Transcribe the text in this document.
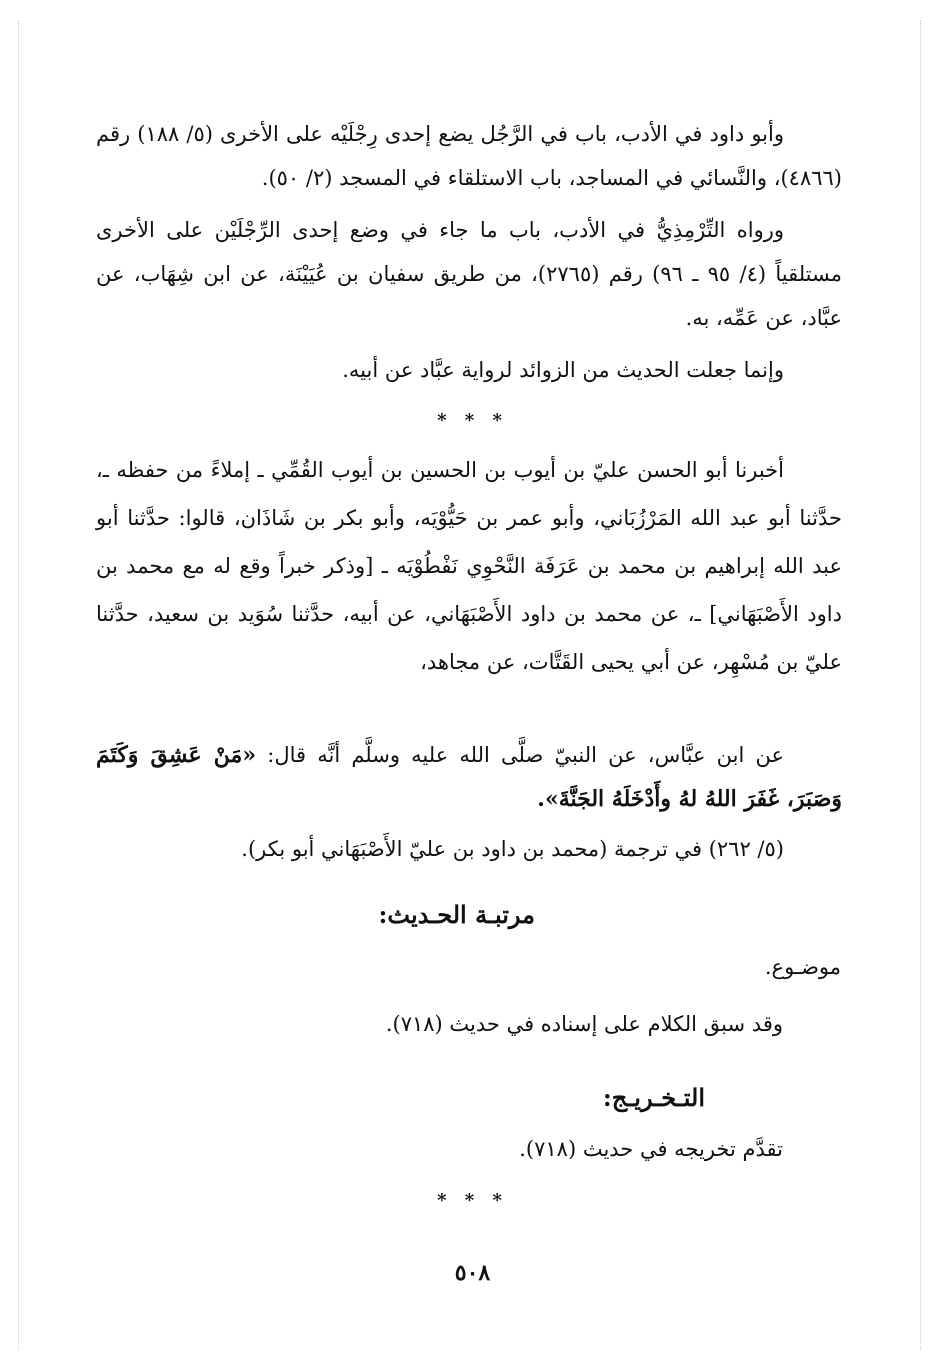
وأبو داود في الأدب، باب في الرَّجُل يضع إحدى رِجْلَيْه على الأخرى (٥/ ١٨٨) رقم (٤٨٦٦)، والنَّسائي في المساجد، باب الاستلقاء في المسجد (٢/ ٥٠).

ورواه التِّرْمِذِيُّ في الأدب، باب ما جاء في وضع إحدى الرِّجْلَيْن على الأخرى مستلقياً (٤/ ٩٥ ـ ٩٦) رقم (٢٧٦٥)، من طريق سفيان بن عُيَيْنَة، عن ابن شِهَاب، عن عبَّاد، عن عَمِّه، به.

وإنما جعلت الحديث من الزوائد لرواية عبَّاد عن أبيه.

* * *

أخبرنا أبو الحسن عليّ بن أيوب بن الحسين بن أيوب القُمِّي ـ إملاءً من حفظه ـ، حدَّثنا أبو عبد الله المَرْزُبَاني، وأبو عمر بن حَيُّوْيَه، وأبو بكر بن شَاذَان، قالوا: حدَّثنا أبو عبد الله إبراهيم بن محمد بن عَرَفَة النَّحْوِي نَفْطُوْيَه ـ [وذكر خبراً وقع له مع محمد بن داود الأَصْبَهَاني] ـ، عن محمد بن داود الأَصْبَهَاني، عن أبيه، حدَّثنا سُوَيد بن سعيد، حدَّثنا عليّ بن مُسْهِر، عن أبي يحيى القَتَّات، عن مجاهد،

عن ابن عبَّاس، عن النبيّ صلَّى الله عليه وسلَّم أنَّه قال: «مَنْ عَشِقَ وَكَتَمَ وَصَبَرَ، غَفَرَ اللهُ لهُ وأَدْخَلَهُ الجَنَّةَ».

(٥/ ٢٦٢) في ترجمة (محمد بن داود بن عليّ الأَصْبَهَاني أبو بكر).

مرتبـة الحـديث:
موضـوع.
وقد سبق الكلام على إسناده في حديث (٧١٨).
التـخـريـج:
تقدَّم تخريجه في حديث (٧١٨).
* * *
٥٠٨
